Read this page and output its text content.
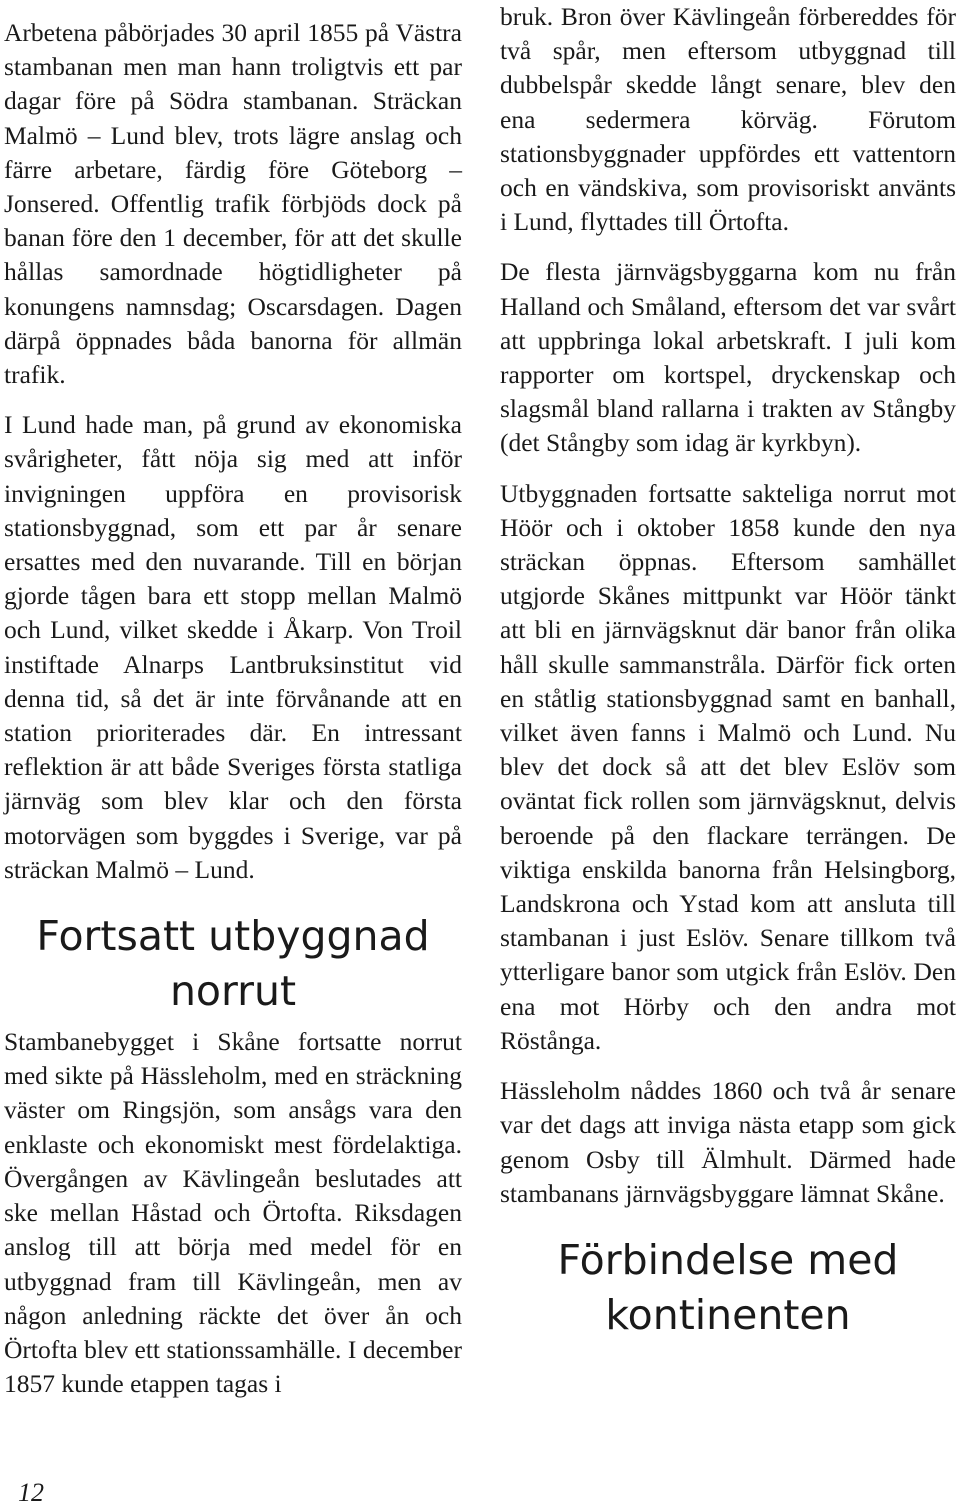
Arbetena påbörjades 30 april 1855 på Västra stambanan men man hann troligtvis ett par dagar före på Södra stambanan. Sträckan Malmö – Lund blev, trots lägre anslag och färre arbetare, färdig före Göteborg – Jonsered. Offentlig trafik förbjöds dock på banan före den 1 december, för att det skulle hållas samordnade högtidligheter på konungens namnsdag; Oscarsdagen. Dagen därpå öppnades båda banorna för allmän trafik.

I Lund hade man, på grund av ekonomiska svårigheter, fått nöja sig med att inför invigningen uppföra en provisorisk stationsbyggnad, som ett par år senare ersattes med den nuvarande. Till en början gjorde tågen bara ett stopp mellan Malmö och Lund, vilket skedde i Åkarp. Von Troil instiftade Alnarps Lantbruksinstitut vid denna tid, så det är inte förvånande att en station prioriterades där. En intressant reflektion är att både Sveriges första statliga järnväg som blev klar och den första motorvägen som byggdes i Sverige, var på sträckan Malmö – Lund.

Fortsatt utbyggnad norrut

Stambanebygget i Skåne fortsatte norrut med sikte på Hässleholm, med en sträckning väster om Ringsjön, som ansågs vara den enklaste och ekonomiskt mest fördelaktiga. Övergången av Kävlingeån beslutades att ske mellan Håstad och Örtofta. Riksdagen anslog till att börja med medel för en utbyggnad fram till Kävlingeån, men av någon anledning räckte det över ån och Örtofta blev ett stationssamhälle. I december 1857 kunde etappen tagas i

bruk. Bron över Kävlingeån förbereddes för två spår, men eftersom utbyggnad till dubbelspår skedde långt senare, blev den ena sedermera körväg. Förutom stationsbyggnader uppfördes ett vattentorn och en vändskiva, som provisoriskt använts i Lund, flyttades till Örtofta.

De flesta järnvägsbyggarna kom nu från Halland och Småland, eftersom det var svårt att uppbringa lokal arbetskraft. I juli kom rapporter om kortspel, dryckenskap och slagsmål bland rallarna i trakten av Stångby (det Stångby som idag är kyrkbyn).

Utbyggnaden fortsatte sakteliga norrut mot Höör och i oktober 1858 kunde den nya sträckan öppnas. Eftersom samhället utgjorde Skånes mittpunkt var Höör tänkt att bli en järnvägsknut där banor från olika håll skulle sammanstråla. Därför fick orten en ståtlig stationsbyggnad samt en banhall, vilket även fanns i Malmö och Lund. Nu blev det dock så att det blev Eslöv som oväntat fick rollen som järnvägsknut, delvis beroende på den flackare terrängen. De viktiga enskilda banorna från Helsingborg, Landskrona och Ystad kom att ansluta till stambanan i just Eslöv. Senare tillkom två ytterligare banor som utgick från Eslöv. Den ena mot Hörby och den andra mot Röstånga.

Hässleholm nåddes 1860 och två år senare var det dags att inviga nästa etapp som gick genom Osby till Älmhult. Därmed hade stambanans järnvägsbyggare lämnat Skåne.

Förbindelse med kontinenten
12
